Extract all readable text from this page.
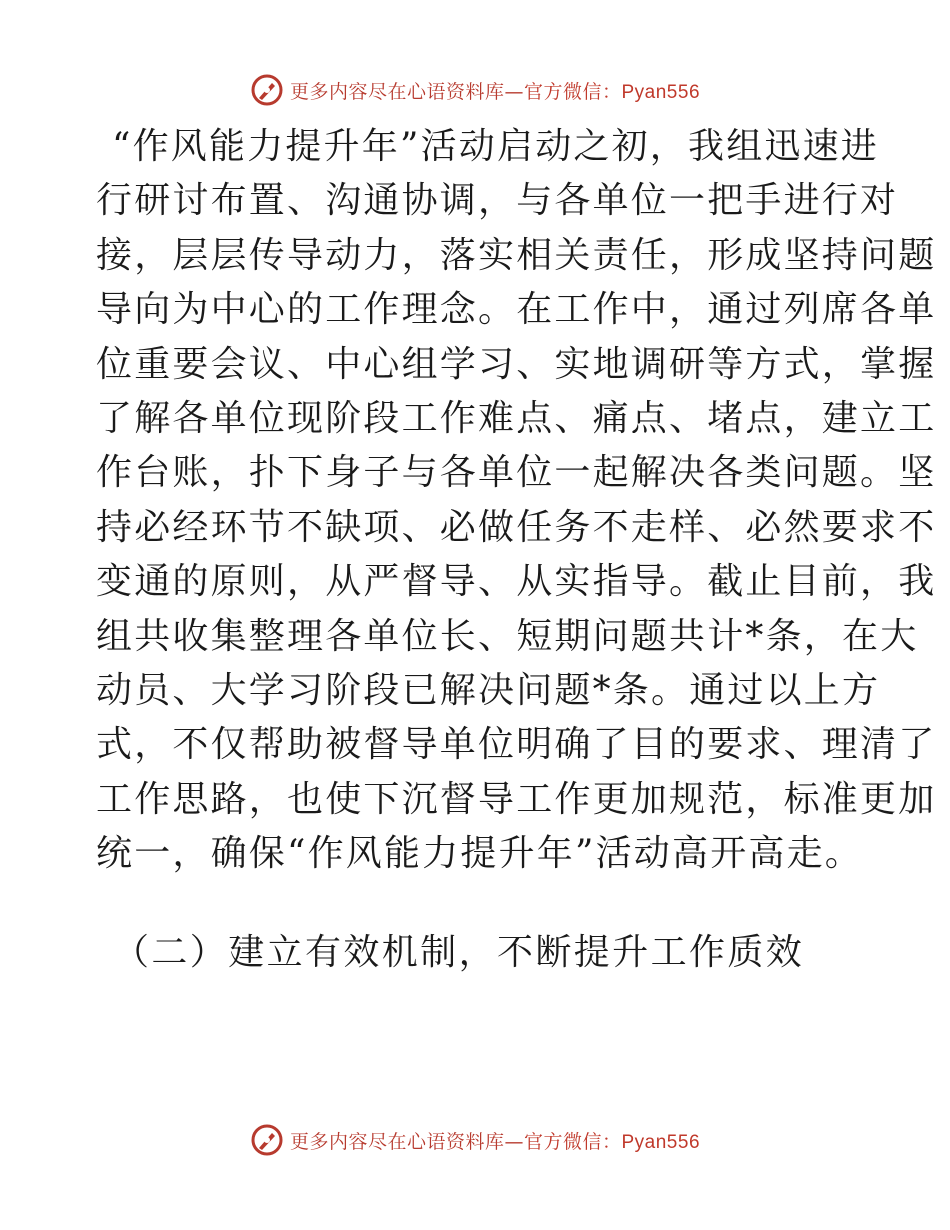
更多内容尽在心语资料库—官方微信：Pyan556
“作风能力提升年”活动启动之初，我组迅速进
行研讨布置、沟通协调，与各单位一把手进行对
接，层层传导动力，落实相关责任，形成坚持问题
导向为中心的工作理念。在工作中，通过列席各单
位重要会议、中心组学习、实地调研等方式，掌握
了解各单位现阶段工作难点、痛点、堵点，建立工
作台账，扑下身子与各单位一起解决各类问题。坚
持必经环节不缺项、必做任务不走样、必然要求不
变通的原则，从严督导、从实指导。截止目前，我
组共收集整理各单位长、短期问题共计*条，在大
动员、大学习阶段已解决问题*条。通过以上方
式，不仅帮助被督导单位明确了目的要求、理清了
工作思路，也使下沉督导工作更加规范，标准更加
统一，确保“作风能力提升年”活动高开高走。
（二）建立有效机制，不断提升工作质效
更多内容尽在心语资料库—官方微信：Pyan556
